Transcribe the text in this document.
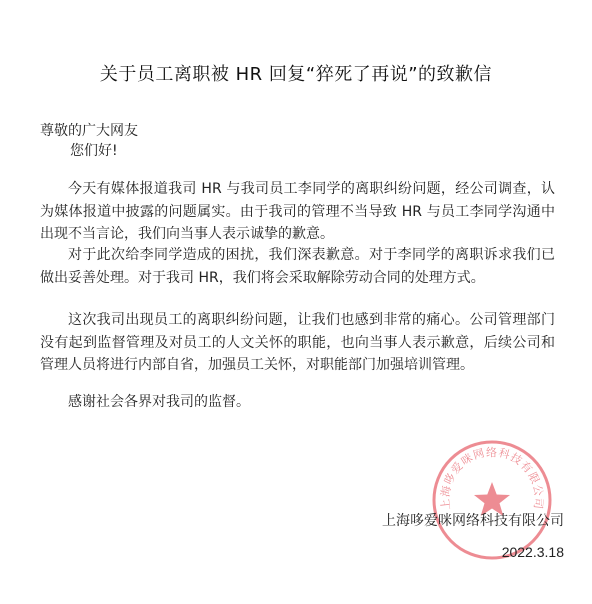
关于员工离职被 HR 回复“猝死了再说”的致歉信
尊敬的广大网友
您们好!

今天有媒体报道我司 HR 与我司员工李同学的离职纠纷问题，经公司调查，认为媒体报道中披露的问题属实。由于我司的管理不当导致 HR 与员工李同学沟通中出现不当言论，我们向当事人表示诚挚的歉意。

对于此次给李同学造成的困扰，我们深表歉意。对于李同学的离职诉求我们已做出妥善处理。对于我司 HR，我们将会采取解除劳动合同的处理方式。

这次我司出现员工的离职纠纷问题，让我们也感到非常的痛心。公司管理部门没有起到监督管理及对员工的人文关怀的职能，也向当事人表示歉意，后续公司和管理人员将进行内部自省，加强员工关怀，对职能部门加强培训管理。

感谢社会各界对我司的监督。

上海哆爱咪网络科技有限公司
上海哆爱咪网络科技有限公司
2022.3.18
